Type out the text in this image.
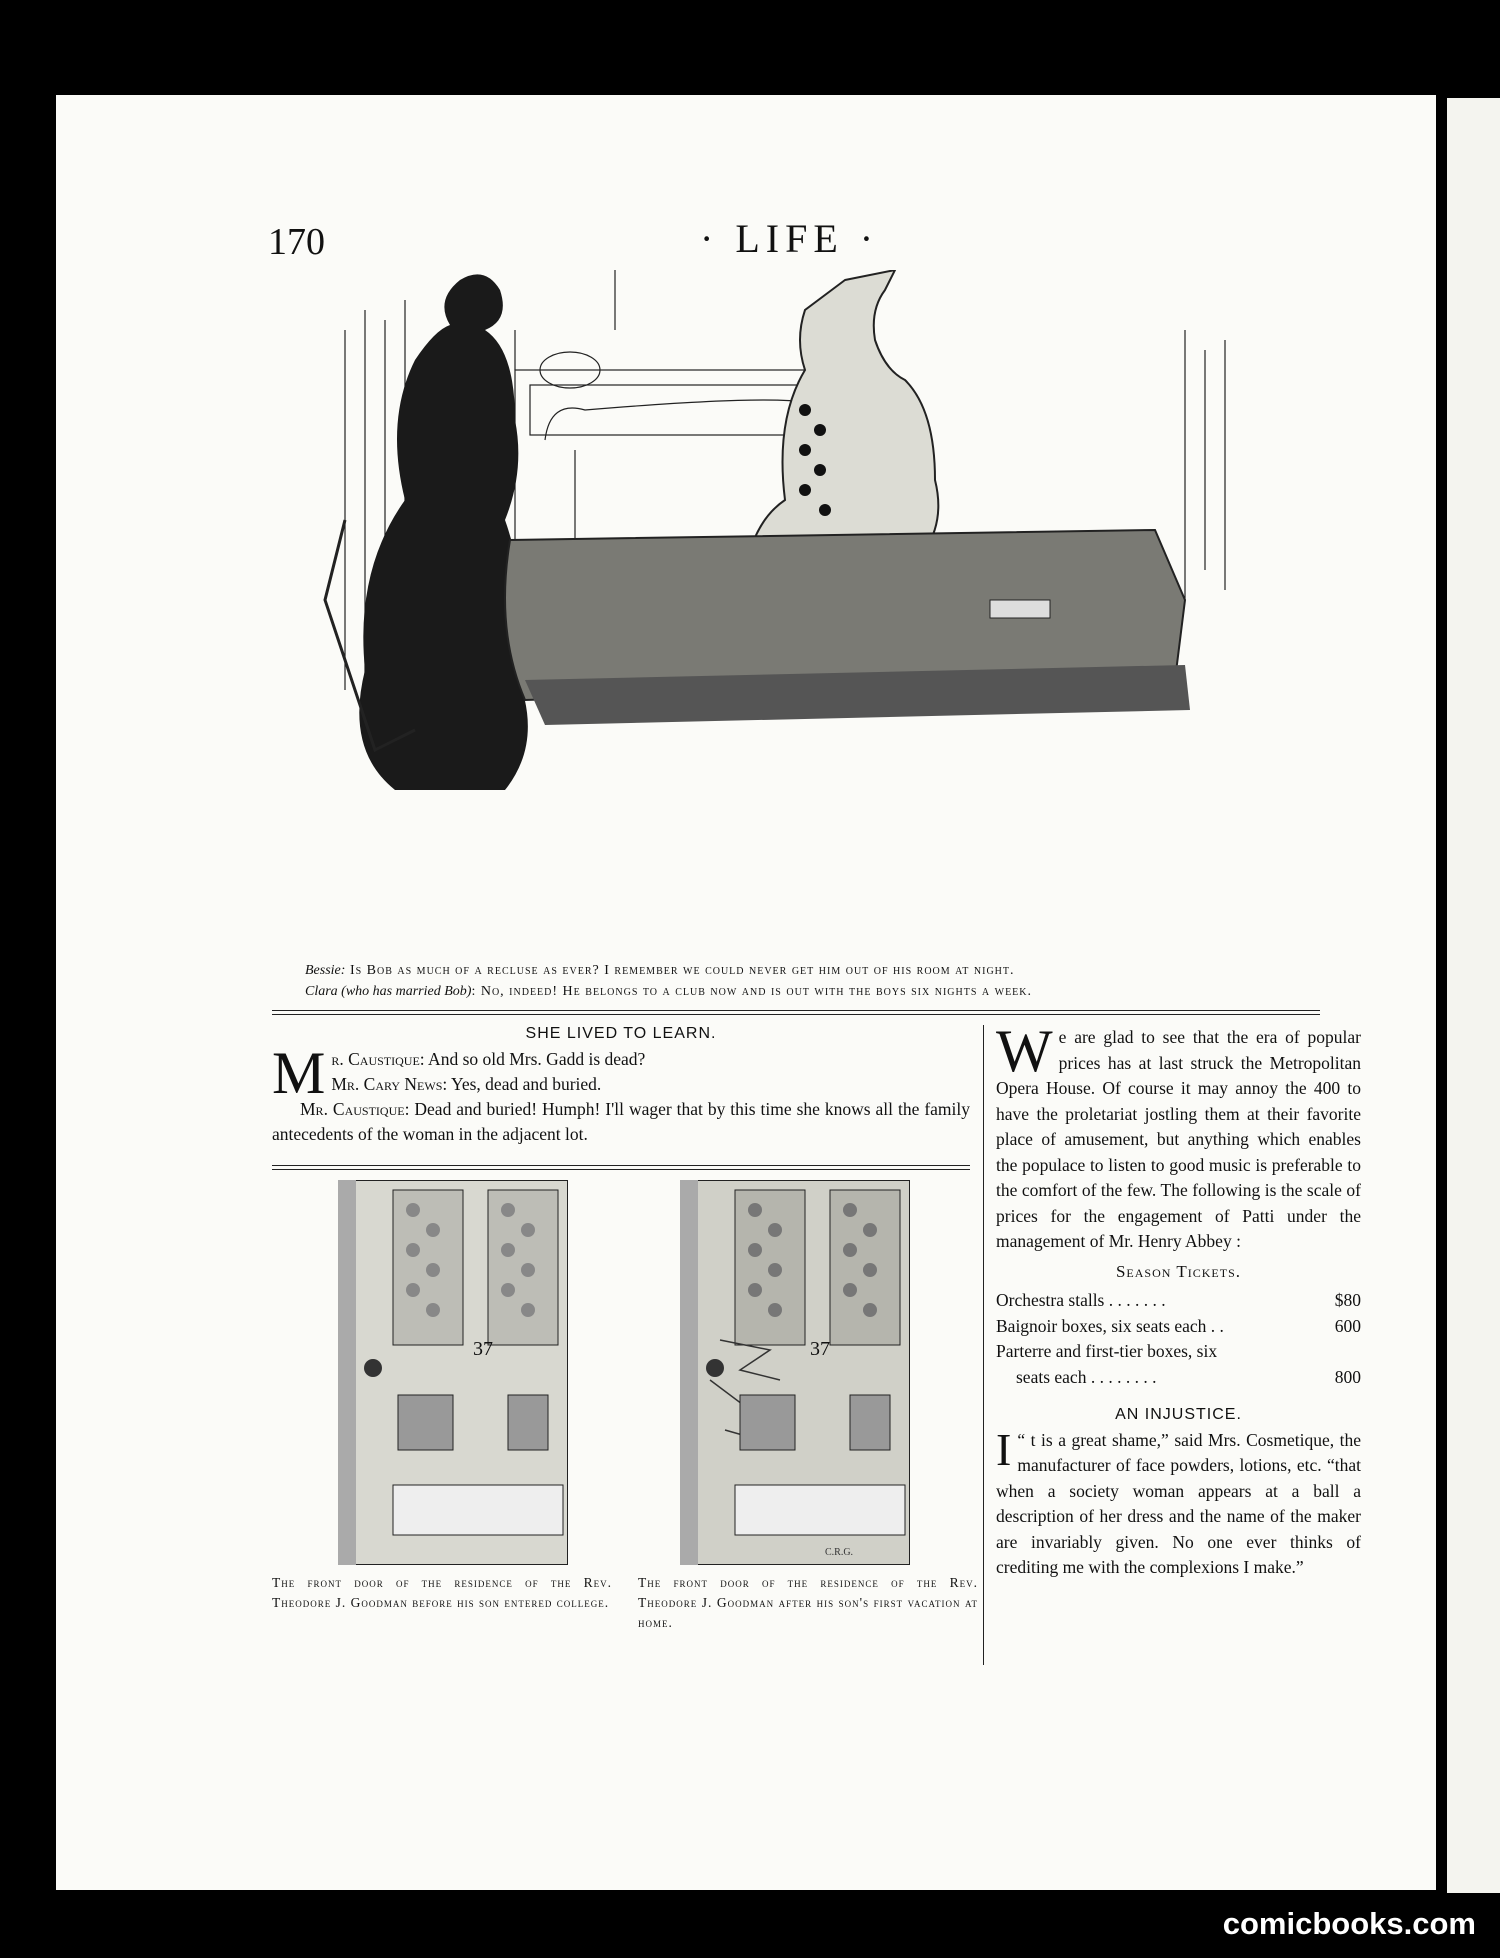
170	· LIFE ·
Bessie: Is Bob as much of a recluse as ever? I remember we could never get him out of his room at night.
Clara (who has married Bob): No, indeed! He belongs to a club now and is out with the boys six nights a week.
SHE LIVED TO LEARN.
M r. Caustique: And so old Mrs. Gadd is dead?
Mr. Cary News: Yes, dead and buried.
Mr. Caustique: Dead and buried! Humph! I'll wager that by this time she knows all the family antecedents of the woman in the adjacent lot.
37	37
C.R.G.
The front door of the residence of the Rev. Theodore J. Goodman before his son entered college.
The front door of the residence of the Rev. Theodore J. Goodman after his son's first vacation at home.
We are glad to see that the era of popular prices has at last struck the Metropolitan Opera House. Of course it may annoy the 400 to have the proletariat jostling them at their favorite place of amusement, but anything which enables the populace to listen to good music is preferable to the comfort of the few. The following is the scale of prices for the engagement of Patti under the management of Mr. Henry Abbey :
Season Tickets.
Orchestra stalls . . . . . . .	$80
Baignoir boxes, six seats each . .	600
Parterre and first-tier boxes, six
seats each . . . . . . . .	800
AN INJUSTICE.
“
I t is a great shame,” said Mrs. Cosmetique, the manufacturer of face powders, lotions, etc. “that when a society woman appears at a ball a description of her dress and the name of the maker are invariably given. No one ever thinks of crediting me with the complexions I make.”
comicbooks.com
